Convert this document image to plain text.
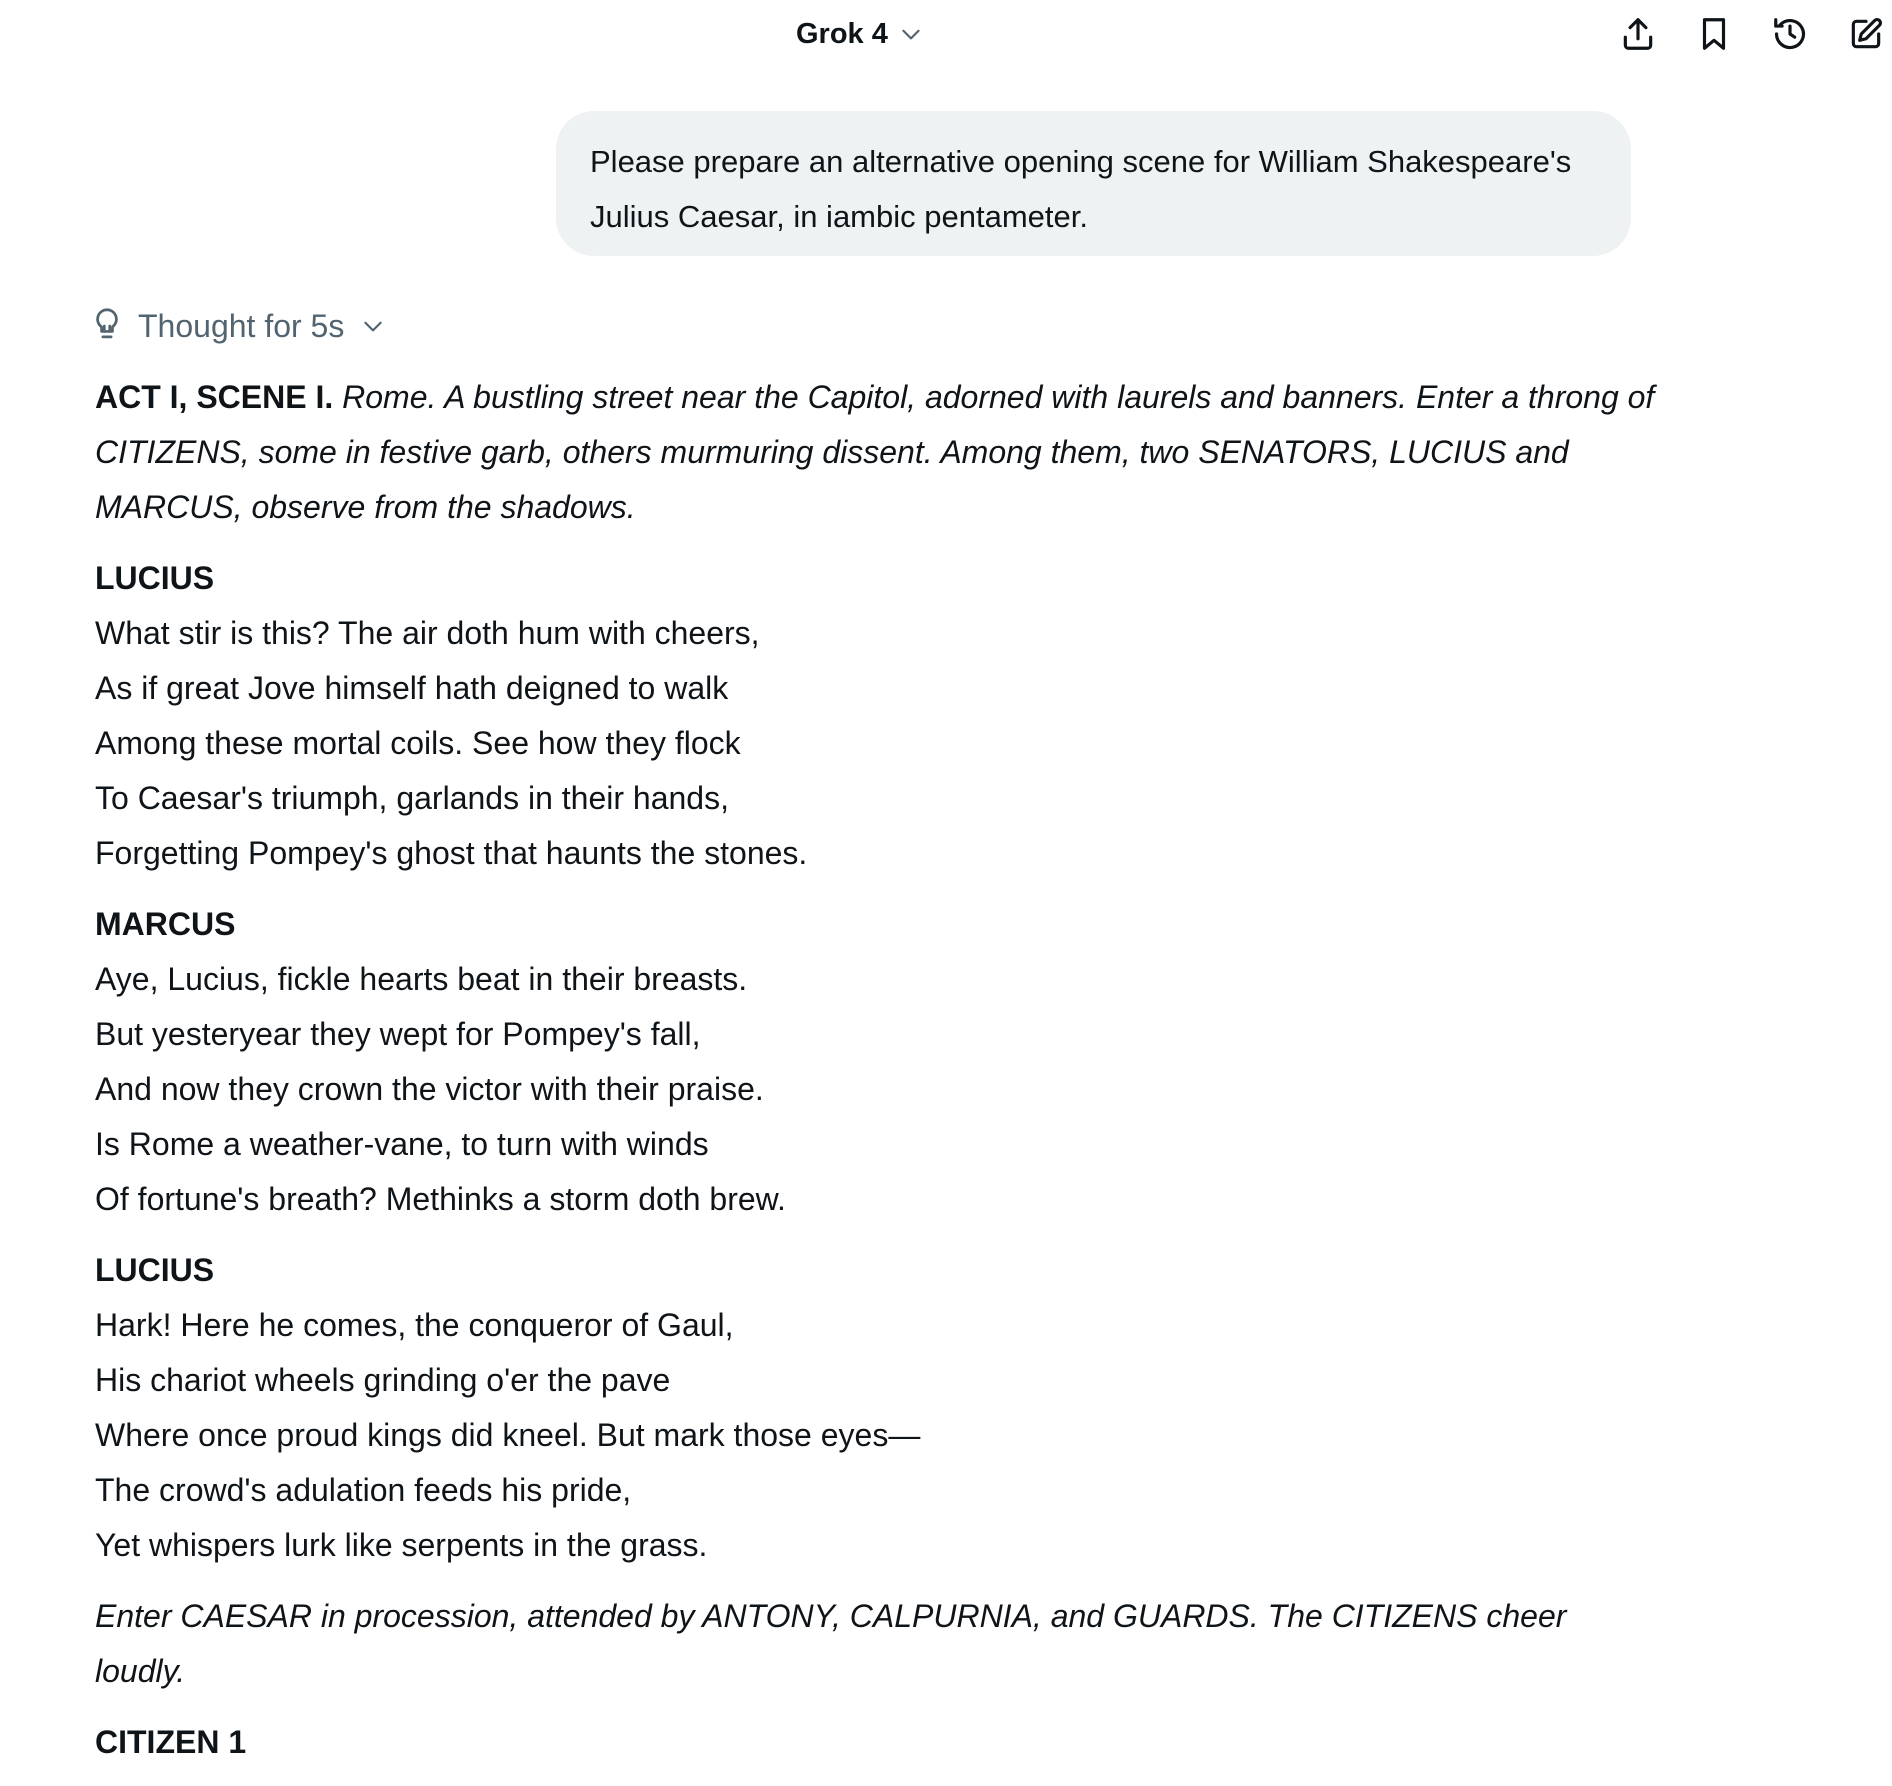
Grok 4
Please prepare an alternative opening scene for William Shakespeare's Julius Caesar, in iambic pentameter.
Thought for 5s

ACT I, SCENE I. Rome. A bustling street near the Capitol, adorned with laurels and banners. Enter a throng of CITIZENS, some in festive garb, others murmuring dissent. Among them, two SENATORS, LUCIUS and MARCUS, observe from the shadows.

LUCIUS
What stir is this? The air doth hum with cheers,
As if great Jove himself hath deigned to walk
Among these mortal coils. See how they flock
To Caesar's triumph, garlands in their hands,
Forgetting Pompey's ghost that haunts the stones.
MARCUS
Aye, Lucius, fickle hearts beat in their breasts.
But yesteryear they wept for Pompey's fall,
And now they crown the victor with their praise.
Is Rome a weather-vane, to turn with winds
Of fortune's breath? Methinks a storm doth brew.
LUCIUS
Hark! Here he comes, the conqueror of Gaul,
His chariot wheels grinding o'er the pave
Where once proud kings did kneel. But mark those eyes—
The crowd's adulation feeds his pride,
Yet whispers lurk like serpents in the grass.

Enter CAESAR in procession, attended by ANTONY, CALPURNIA, and GUARDS. The CITIZENS cheer loudly.

CITIZEN 1
